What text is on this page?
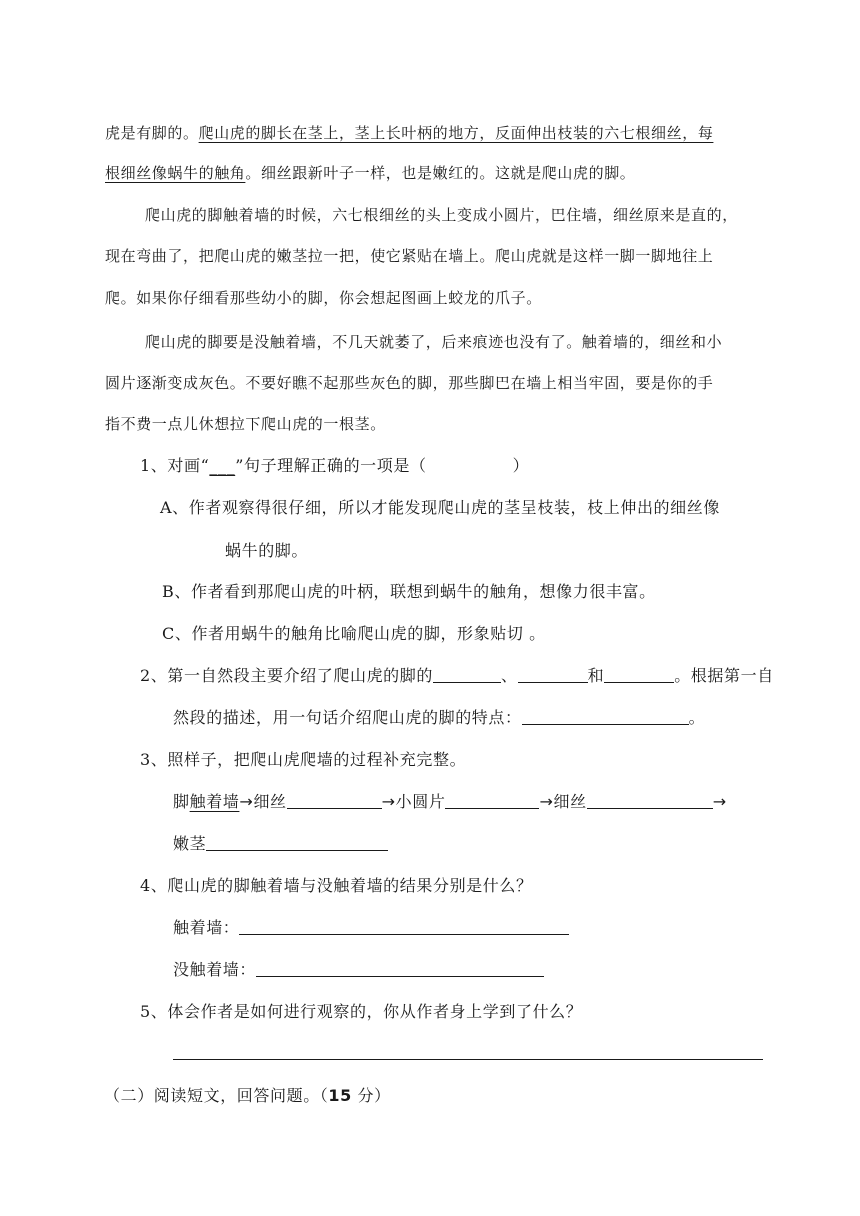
虎是有脚的。爬山虎的脚长在茎上，茎上长叶柄的地方，反面伸出枝装的六七根细丝，每
根细丝像蜗牛的触角。细丝跟新叶子一样，也是嫩红的。这就是爬山虎的脚。
爬山虎的脚触着墙的时候，六七根细丝的头上变成小圆片，巴住墙，细丝原来是直的，
现在弯曲了，把爬山虎的嫩茎拉一把，使它紧贴在墙上。爬山虎就是这样一脚一脚地往上
爬。如果你仔细看那些幼小的脚，你会想起图画上蛟龙的爪子。
爬山虎的脚要是没触着墙，不几天就萎了，后来痕迹也没有了。触着墙的，细丝和小
圆片逐渐变成灰色。不要好瞧不起那些灰色的脚，那些脚巴在墙上相当牢固，要是你的手
指不费一点儿休想拉下爬山虎的一根茎。
1、对画“___”句子理解正确的一项是（	）
A、作者观察得很仔细，所以才能发现爬山虎的茎呈枝装，枝上伸出的细丝像
蜗牛的脚。
B、作者看到那爬山虎的叶柄，联想到蜗牛的触角，想像力很丰富。
C、作者用蜗牛的触角比喻爬山虎的脚，形象贴切 。
2、第一自然段主要介绍了爬山虎的脚的	、	和	。根据第一自
然段的描述，用一句话介绍爬山虎的脚的特点：	。
3、照样子，把爬山虎爬墙的过程补充完整。
脚触着墙→细丝	→小圆片	→细丝	→
嫩茎
4、爬山虎的脚触着墙与没触着墙的结果分别是什么？
触着墙：
没触着墙：
5、体会作者是如何进行观察的，你从作者身上学到了什么？
（二）阅读短文，回答问题。（15 分）
